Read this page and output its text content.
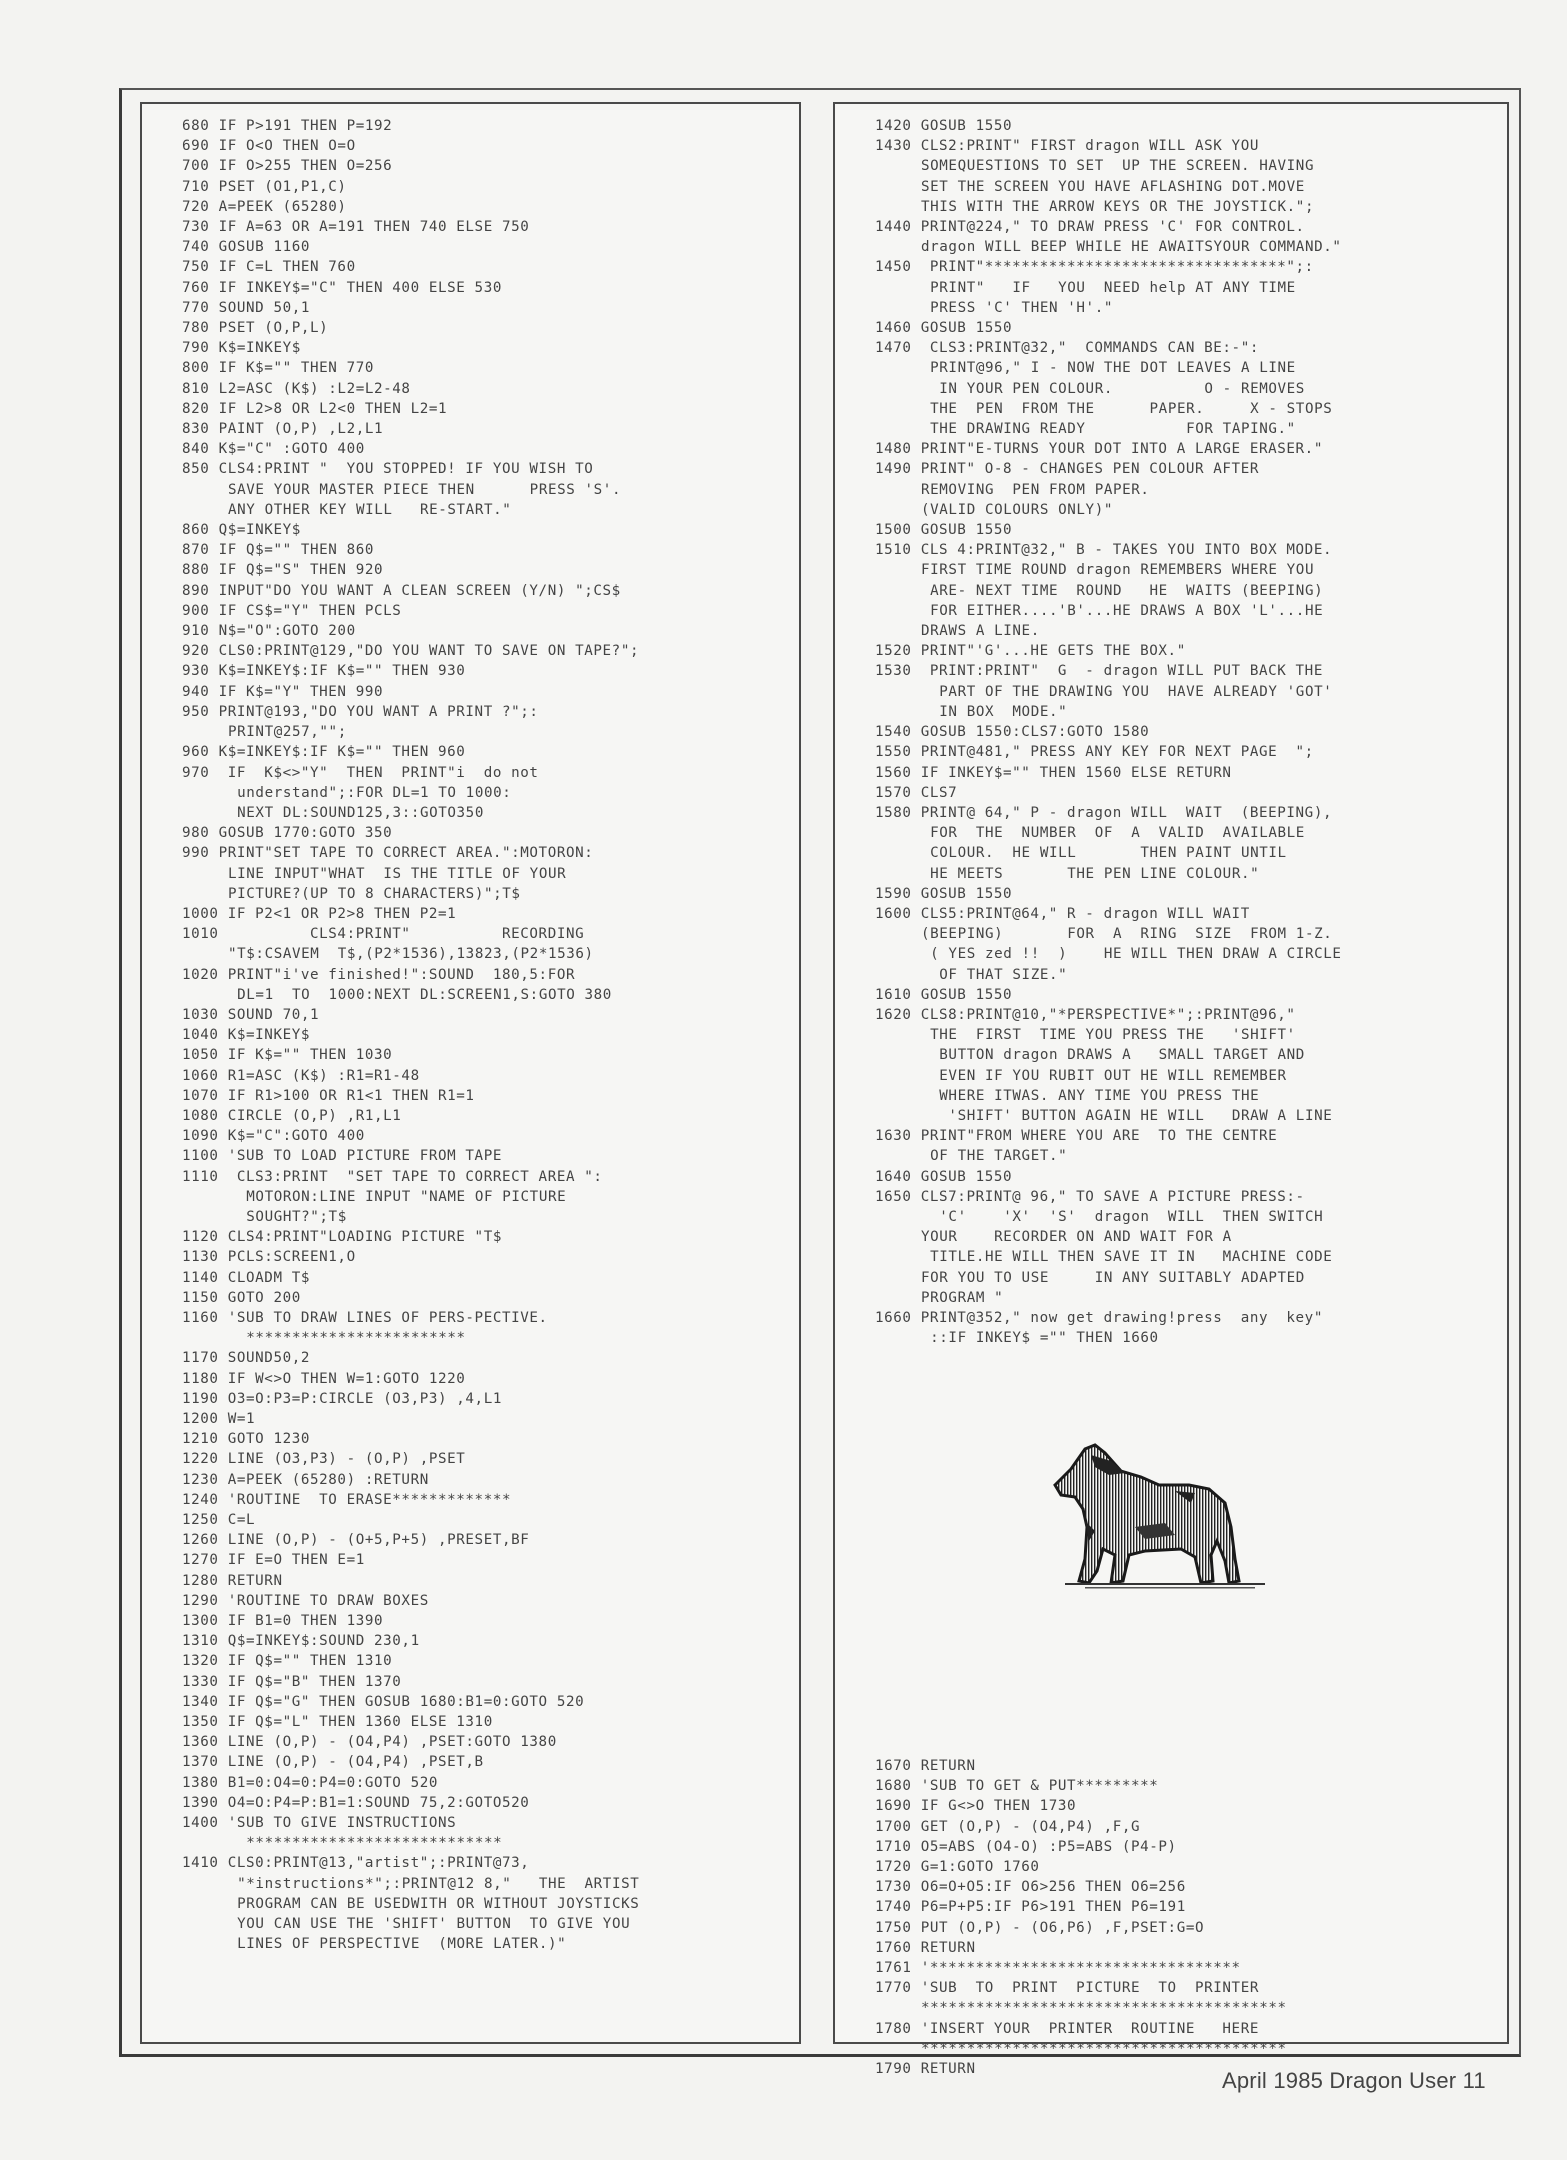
680 IF P>191 THEN P=192
690 IF O<O THEN O=O
700 IF O>255 THEN O=256
710 PSET (O1,P1,C)
720 A=PEEK (65280)
730 IF A=63 OR A=191 THEN 740 ELSE 750
740 GOSUB 1160
750 IF C=L THEN 760
760 IF INKEY$="C" THEN 400 ELSE 530
770 SOUND 50,1
780 PSET (O,P,L)
790 K$=INKEY$
800 IF K$="" THEN 770
810 L2=ASC (K$) :L2=L2-48
820 IF L2>8 OR L2<0 THEN L2=1
830 PAINT (O,P) ,L2,L1
840 K$="C" :GOTO 400
850 CLS4:PRINT "  YOU STOPPED! IF YOU WISH TO
SAVE YOUR MASTER PIECE THEN      PRESS 'S'.
ANY OTHER KEY WILL   RE-START."
860 Q$=INKEY$
870 IF Q$="" THEN 860
880 IF Q$="S" THEN 920
890 INPUT"DO YOU WANT A CLEAN SCREEN (Y/N) ";CS$
900 IF CS$="Y" THEN PCLS
910 N$="O":GOTO 200
920 CLS0:PRINT@129,"DO YOU WANT TO SAVE ON TAPE?";
930 K$=INKEY$:IF K$="" THEN 930
940 IF K$="Y" THEN 990
950 PRINT@193,"DO YOU WANT A PRINT ?";:
PRINT@257,"";
960 K$=INKEY$:IF K$="" THEN 960
970  IF  K$<>"Y"  THEN  PRINT"i  do not
understand";:FOR DL=1 TO 1000:
NEXT DL:SOUND125,3::GOTO350
980 GOSUB 1770:GOTO 350
990 PRINT"SET TAPE TO CORRECT AREA.":MOTORON:
LINE INPUT"WHAT  IS THE TITLE OF YOUR
PICTURE?(UP TO 8 CHARACTERS)";T$
1000 IF P2<1 OR P2>8 THEN P2=1
1010          CLS4:PRINT"          RECORDING
"T$:CSAVEM  T$,(P2*1536),13823,(P2*1536)
1020 PRINT"i've finished!":SOUND  180,5:FOR
DL=1  TO  1000:NEXT DL:SCREEN1,S:GOTO 380
1030 SOUND 70,1
1040 K$=INKEY$
1050 IF K$="" THEN 1030
1060 R1=ASC (K$) :R1=R1-48
1070 IF R1>100 OR R1<1 THEN R1=1
1080 CIRCLE (O,P) ,R1,L1
1090 K$="C":GOTO 400
1100 'SUB TO LOAD PICTURE FROM TAPE
1110  CLS3:PRINT  "SET TAPE TO CORRECT AREA ":
MOTORON:LINE INPUT "NAME OF PICTURE
SOUGHT?";T$
1120 CLS4:PRINT"LOADING PICTURE "T$
1130 PCLS:SCREEN1,O
1140 CLOADM T$
1150 GOTO 200
1160 'SUB TO DRAW LINES OF PERS-PECTIVE.
************************
1170 SOUND50,2
1180 IF W<>O THEN W=1:GOTO 1220
1190 O3=O:P3=P:CIRCLE (O3,P3) ,4,L1
1200 W=1
1210 GOTO 1230
1220 LINE (O3,P3) - (O,P) ,PSET
1230 A=PEEK (65280) :RETURN
1240 'ROUTINE  TO ERASE*************
1250 C=L
1260 LINE (O,P) - (O+5,P+5) ,PRESET,BF
1270 IF E=O THEN E=1
1280 RETURN
1290 'ROUTINE TO DRAW BOXES
1300 IF B1=0 THEN 1390
1310 Q$=INKEY$:SOUND 230,1
1320 IF Q$="" THEN 1310
1330 IF Q$="B" THEN 1370
1340 IF Q$="G" THEN GOSUB 1680:B1=0:GOTO 520
1350 IF Q$="L" THEN 1360 ELSE 1310
1360 LINE (O,P) - (O4,P4) ,PSET:GOTO 1380
1370 LINE (O,P) - (O4,P4) ,PSET,B
1380 B1=0:O4=0:P4=0:GOTO 520
1390 O4=O:P4=P:B1=1:SOUND 75,2:GOTO520
1400 'SUB TO GIVE INSTRUCTIONS
****************************
1410 CLS0:PRINT@13,"artist";:PRINT@73,
"*instructions*";:PRINT@12 8,"   THE  ARTIST
PROGRAM CAN BE USEDWITH OR WITHOUT JOYSTICKS
YOU CAN USE THE 'SHIFT' BUTTON  TO GIVE YOU
LINES OF PERSPECTIVE  (MORE LATER.)"
1420 GOSUB 1550
1430 CLS2:PRINT" FIRST dragon WILL ASK YOU
SOMEQUESTIONS TO SET  UP THE SCREEN. HAVING
SET THE SCREEN YOU HAVE AFLASHING DOT.MOVE
THIS WITH THE ARROW KEYS OR THE JOYSTICK.";
1440 PRINT@224," TO DRAW PRESS 'C' FOR CONTROL.
dragon WILL BEEP WHILE HE AWAITSYOUR COMMAND."
1450  PRINT"*********************************";:
PRINT"   IF   YOU  NEED help AT ANY TIME
PRESS 'C' THEN 'H'."
1460 GOSUB 1550
1470  CLS3:PRINT@32,"  COMMANDS CAN BE:-":
PRINT@96," I - NOW THE DOT LEAVES A LINE
IN YOUR PEN COLOUR.          O - REMOVES
THE  PEN  FROM THE      PAPER.     X - STOPS
THE DRAWING READY           FOR TAPING."
1480 PRINT"E-TURNS YOUR DOT INTO A LARGE ERASER."
1490 PRINT" O-8 - CHANGES PEN COLOUR AFTER
REMOVING  PEN FROM PAPER.
(VALID COLOURS ONLY)"
1500 GOSUB 1550
1510 CLS 4:PRINT@32," B - TAKES YOU INTO BOX MODE.
FIRST TIME ROUND dragon REMEMBERS WHERE YOU
ARE- NEXT TIME  ROUND   HE  WAITS (BEEPING)
FOR EITHER....'B'...HE DRAWS A BOX 'L'...HE
DRAWS A LINE.
1520 PRINT"'G'...HE GETS THE BOX."
1530  PRINT:PRINT"  G  - dragon WILL PUT BACK THE
PART OF THE DRAWING YOU  HAVE ALREADY 'GOT'
IN BOX  MODE."
1540 GOSUB 1550:CLS7:GOTO 1580
1550 PRINT@481," PRESS ANY KEY FOR NEXT PAGE  ";
1560 IF INKEY$="" THEN 1560 ELSE RETURN
1570 CLS7
1580 PRINT@ 64," P - dragon WILL  WAIT  (BEEPING),
FOR  THE  NUMBER  OF  A  VALID  AVAILABLE
COLOUR.  HE WILL       THEN PAINT UNTIL
HE MEETS       THE PEN LINE COLOUR."
1590 GOSUB 1550
1600 CLS5:PRINT@64," R - dragon WILL WAIT
(BEEPING)       FOR  A  RING  SIZE  FROM 1-Z.
( YES zed !!  )    HE WILL THEN DRAW A CIRCLE
OF THAT SIZE."
1610 GOSUB 1550
1620 CLS8:PRINT@10,"*PERSPECTIVE*";:PRINT@96,"
THE  FIRST  TIME YOU PRESS THE   'SHIFT'
BUTTON dragon DRAWS A   SMALL TARGET AND
EVEN IF YOU RUBIT OUT HE WILL REMEMBER
WHERE ITWAS. ANY TIME YOU PRESS THE
'SHIFT' BUTTON AGAIN HE WILL   DRAW A LINE
1630 PRINT"FROM WHERE YOU ARE  TO THE CENTRE
OF THE TARGET."
1640 GOSUB 1550
1650 CLS7:PRINT@ 96," TO SAVE A PICTURE PRESS:-
'C'    'X'  'S'  dragon  WILL  THEN SWITCH
YOUR    RECORDER ON AND WAIT FOR A
TITLE.HE WILL THEN SAVE IT IN   MACHINE CODE
FOR YOU TO USE     IN ANY SUITABLY ADAPTED
PROGRAM "
1660 PRINT@352," now get drawing!press  any  key"
::IF INKEY$ ="" THEN 1660
1670 RETURN
1680 'SUB TO GET & PUT*********
1690 IF G<>O THEN 1730
1700 GET (O,P) - (O4,P4) ,F,G
1710 O5=ABS (O4-O) :P5=ABS (P4-P)
1720 G=1:GOTO 1760
1730 O6=O+O5:IF O6>256 THEN O6=256
1740 P6=P+P5:IF P6>191 THEN P6=191
1750 PUT (O,P) - (O6,P6) ,F,PSET:G=O
1760 RETURN
1761 '**********************************
1770 'SUB  TO  PRINT  PICTURE  TO  PRINTER
****************************************
1780 'INSERT YOUR  PRINTER  ROUTINE   HERE
****************************************
1790 RETURN	April 1985 Dragon User 11
